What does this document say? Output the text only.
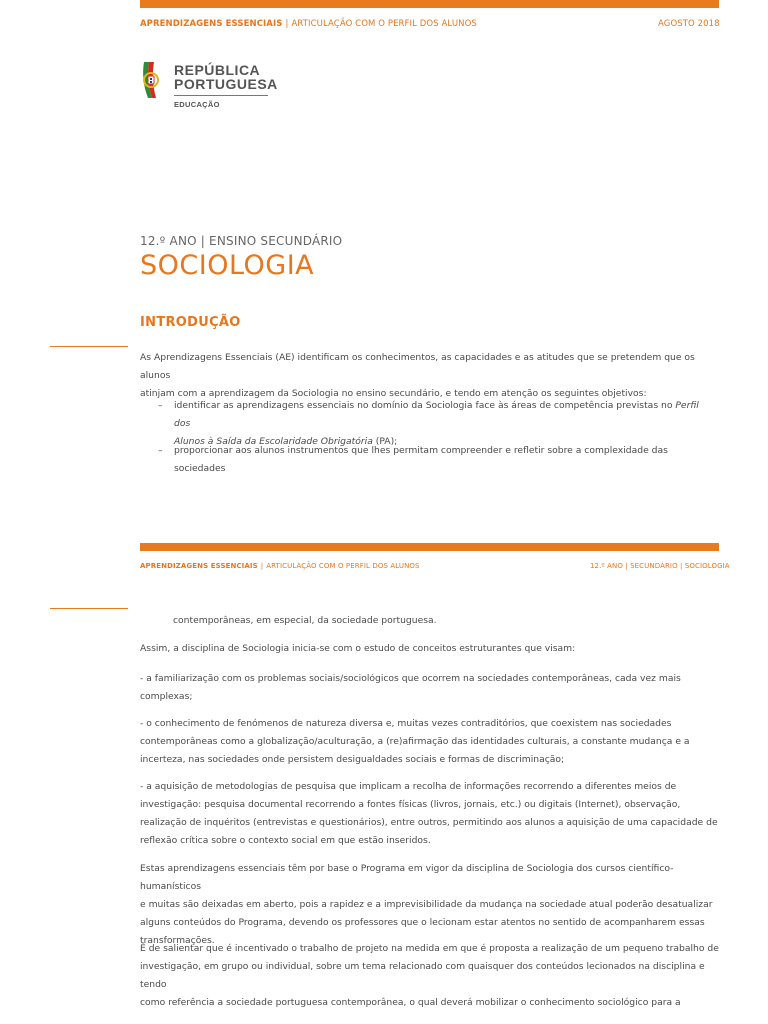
APRENDIZAGENS ESSENCIAIS | ARTICULAÇÃO COM O PERFIL DOS ALUNOS	AGOSTO 2018
REPÚBLICA
PORTUGUESA
EDUCAÇÃO
12.º ANO | ENSINO SECUNDÁRIO
SOCIOLOGIA
INTRODUÇÃO
As Aprendizagens Essenciais (AE) identificam os conhecimentos, as capacidades e as atitudes que se pretendem que os alunos
atinjam com a aprendizagem da Sociologia no ensino secundário, e tendo em atenção os seguintes objetivos:
– identificar as aprendizagens essenciais no domínio da Sociologia face às áreas de competência previstas no Perfil dos
Alunos à Saída da Escolaridade Obrigatória (PA);
– proporcionar aos alunos instrumentos que lhes permitam compreender e refletir sobre a complexidade das sociedades
APRENDIZAGENS ESSENCIAIS | ARTICULAÇÃO COM O PERFIL DOS ALUNOS	12.º ANO | SECUNDÁRIO | SOCIOLOGIA
contemporâneas, em especial, da sociedade portuguesa.
Assim, a disciplina de Sociologia inicia-se com o estudo de conceitos estruturantes que visam:
- a familiarização com os problemas sociais/sociológicos que ocorrem na sociedades contemporâneas, cada vez mais
complexas;
- o conhecimento de fenómenos de natureza diversa e, muitas vezes contraditórios, que coexistem nas sociedades
contemporâneas como a globalização/aculturação, a (re)afirmação das identidades culturais, a constante mudança e a
incerteza, nas sociedades onde persistem desigualdades sociais e formas de discriminação;
- a aquisição de metodologias de pesquisa que implicam a recolha de informações recorrendo a diferentes meios de
investigação: pesquisa documental recorrendo a fontes físicas (livros, jornais, etc.) ou digitais (Internet), observação,
realização de inquéritos (entrevistas e questionários), entre outros, permitindo aos alunos a aquisição de uma capacidade de
reflexão crítica sobre o contexto social em que estão inseridos.
Estas aprendizagens essenciais têm por base o Programa em vigor da disciplina de Sociologia dos cursos científico-humanísticos
e muitas são deixadas em aberto, pois a rapidez e a imprevisibilidade da mudança na sociedade atual poderão desatualizar
alguns conteúdos do Programa, devendo os professores que o lecionam estar atentos no sentido de acompanharem essas
transformações.
É de salientar que é incentivado o trabalho de projeto na medida em que é proposta a realização de um pequeno trabalho de
investigação, em grupo ou individual, sobre um tema relacionado com quaisquer dos conteúdos lecionados na disciplina e tendo
como referência a sociedade portuguesa contemporânea, o qual deverá mobilizar o conhecimento sociológico para a
